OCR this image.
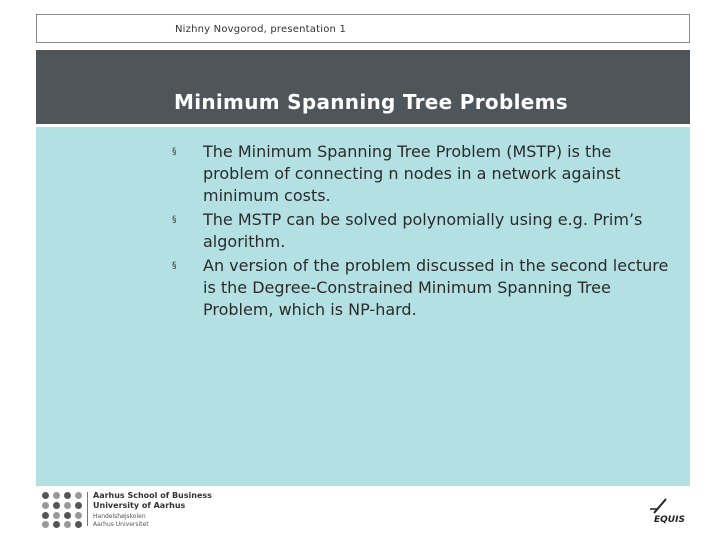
Nizhny Novgorod, presentation 1
Minimum Spanning Tree Problems
§ The Minimum Spanning Tree Problem (MSTP) is the problem of connecting n nodes in a network against minimum costs.
§ The MSTP can be solved polynomially using e.g. Prim’s algorithm.
§ An version of the problem discussed in the second lecture is the Degree-Constrained Minimum Spanning Tree Problem, which is NP-hard.
Aarhus School of Business
University of Aarhus
Handelshøjskolen
Aarhus Universitet	EQUIS
